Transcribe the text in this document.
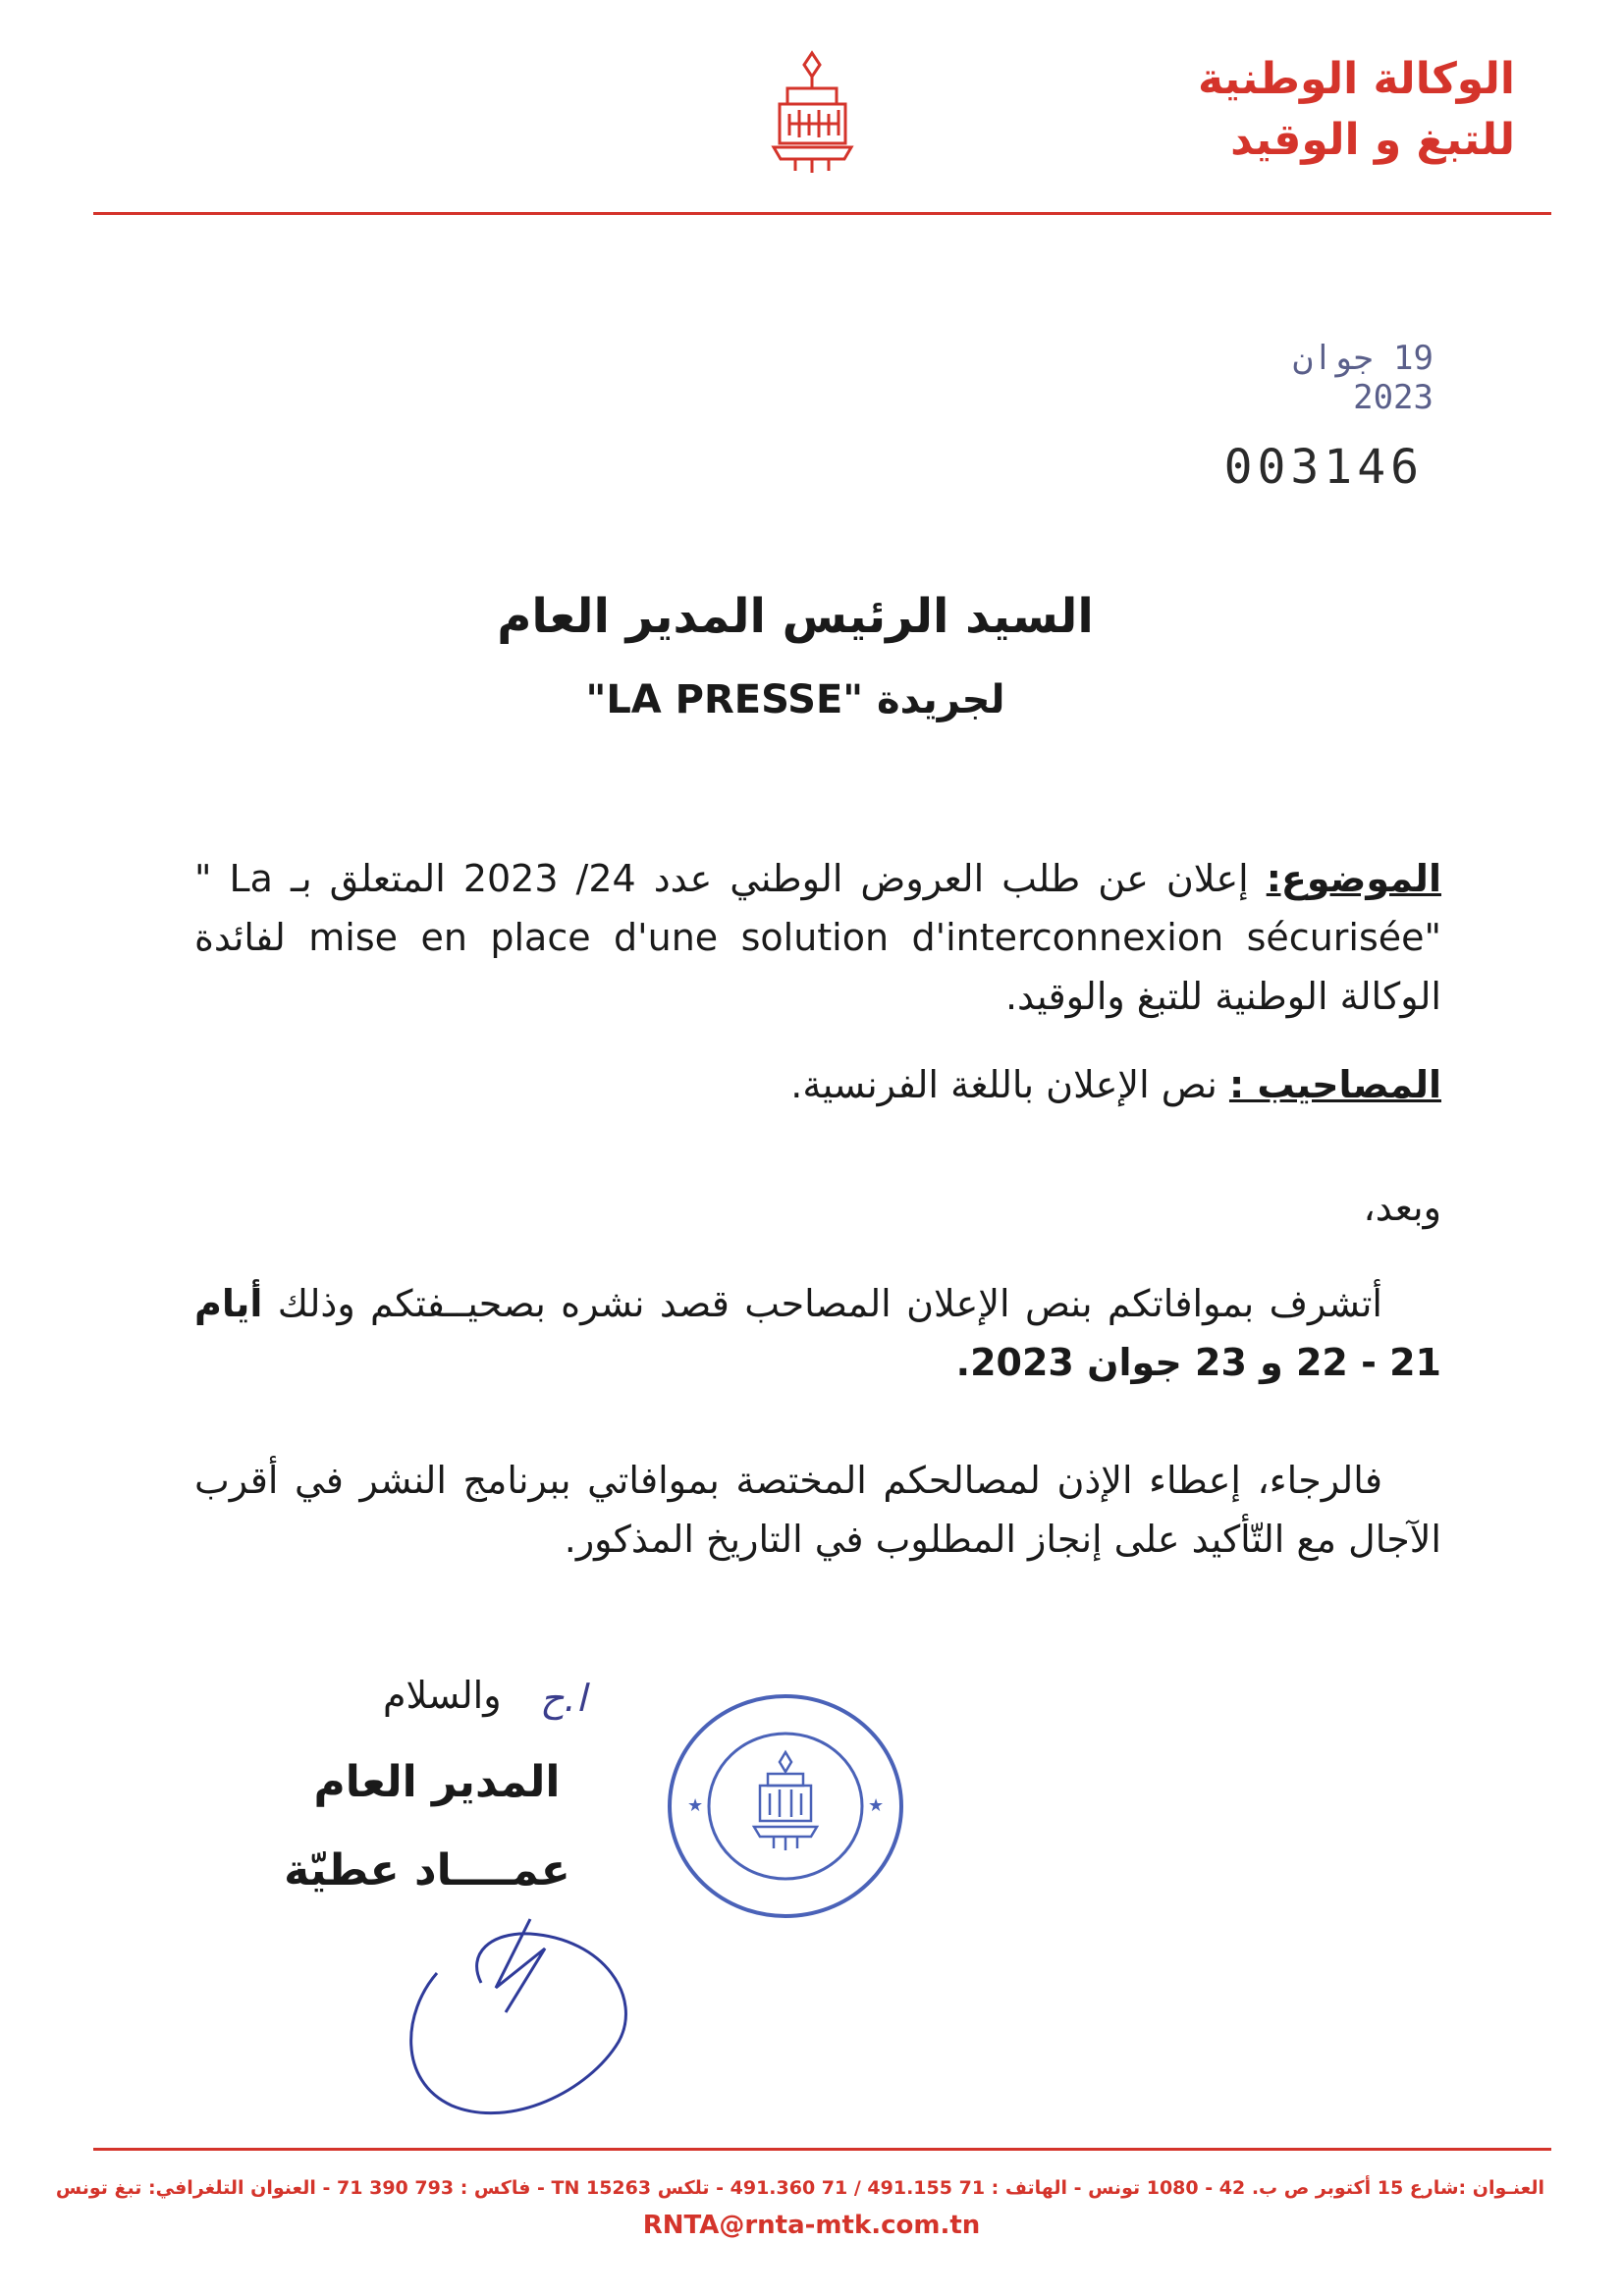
الوكالة الوطنية
للتبغ و الوقيد
19 جوان 2023
003146
السيد الرئيس المدير العام
لجريدة "LA PRESSE"
الموضوع: إعلان عن طلب العروض الوطني عدد 24/ 2023 المتعلق بـ " La mise en place d'une solution d'interconnexion sécurisée" لفائدة الوكالة الوطنية للتبغ والوقيد.
المصاحيب : نص الإعلان باللغة الفرنسية.
وبعد،
أتشرف بموافاتكم بنص الإعلان المصاحب قصد نشره بصحيــفتكم وذلك أيام 21 - 22 و 23 جوان 2023.
فالرجاء، إعطاء الإذن لمصالحكم المختصة بموافاتي ببرنامج النشر في أقرب الآجال مع التّأكيد على إنجاز المطلوب في التاريخ المذكور.
والسلام	ا.ح
المدير العام
عمــــاد عطيّة
★	★
العنـوان :شارع 15 أكتوبر ص ب. 42 - 1080 تونس - الهاتف : 71 491.155 / 71 491.360 - تلكس TN 15263 - فاكس : 793 390 71 - العنوان التلغرافي: تبغ تونس
RNTA@rnta-mtk.com.tn
